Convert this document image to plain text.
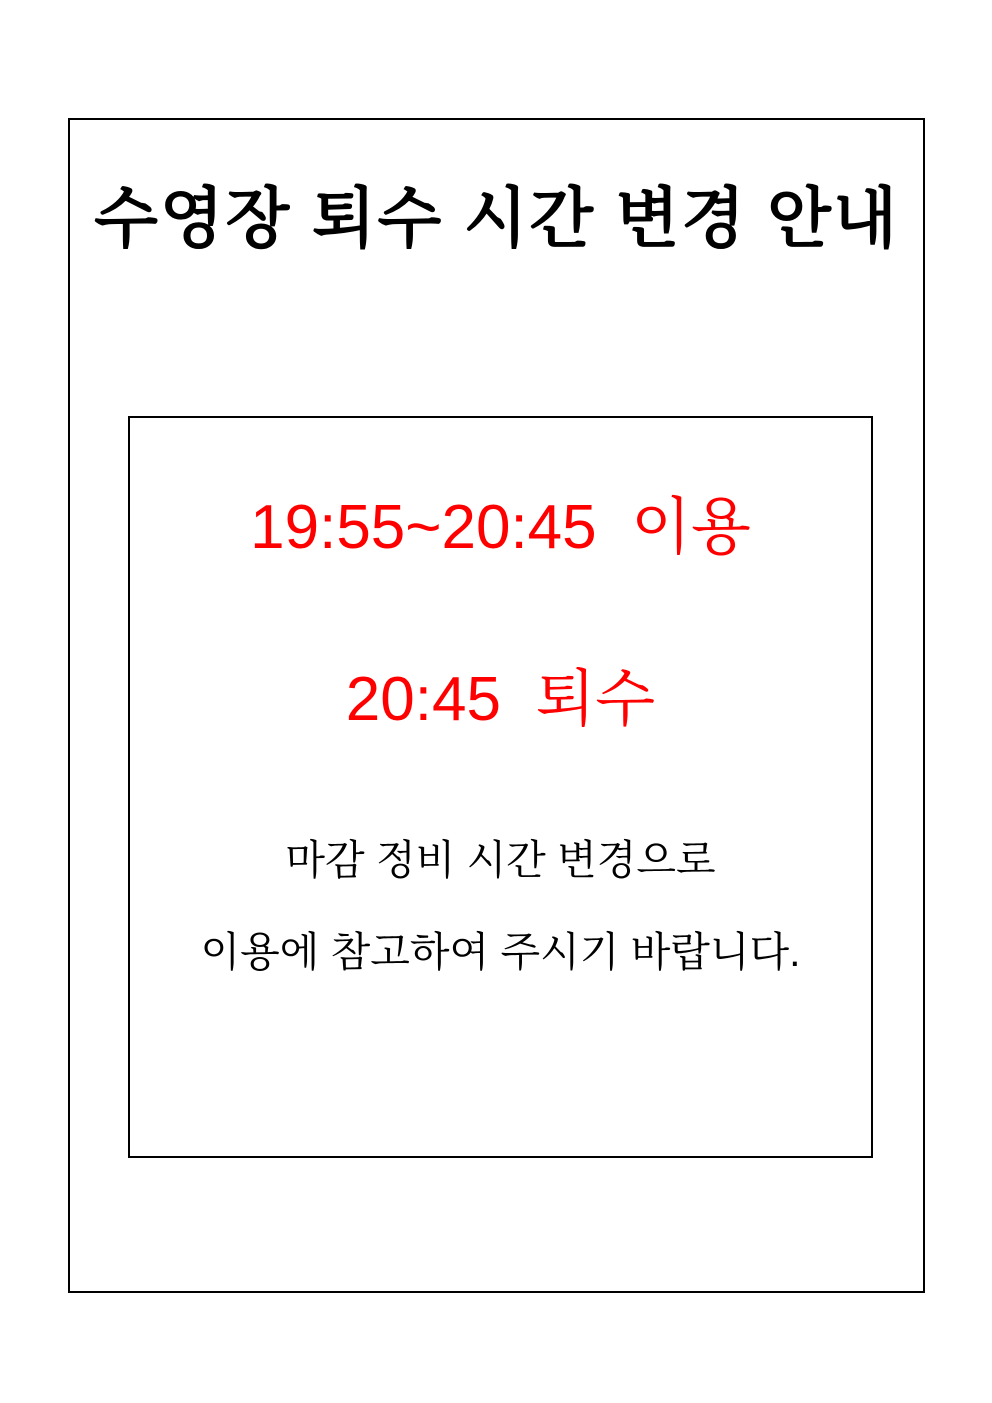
수영장 퇴수 시간 변경 안내
19:55~20:45  이용
20:45  퇴수
마감 정비 시간 변경으로
이용에 참고하여 주시기 바랍니다.
